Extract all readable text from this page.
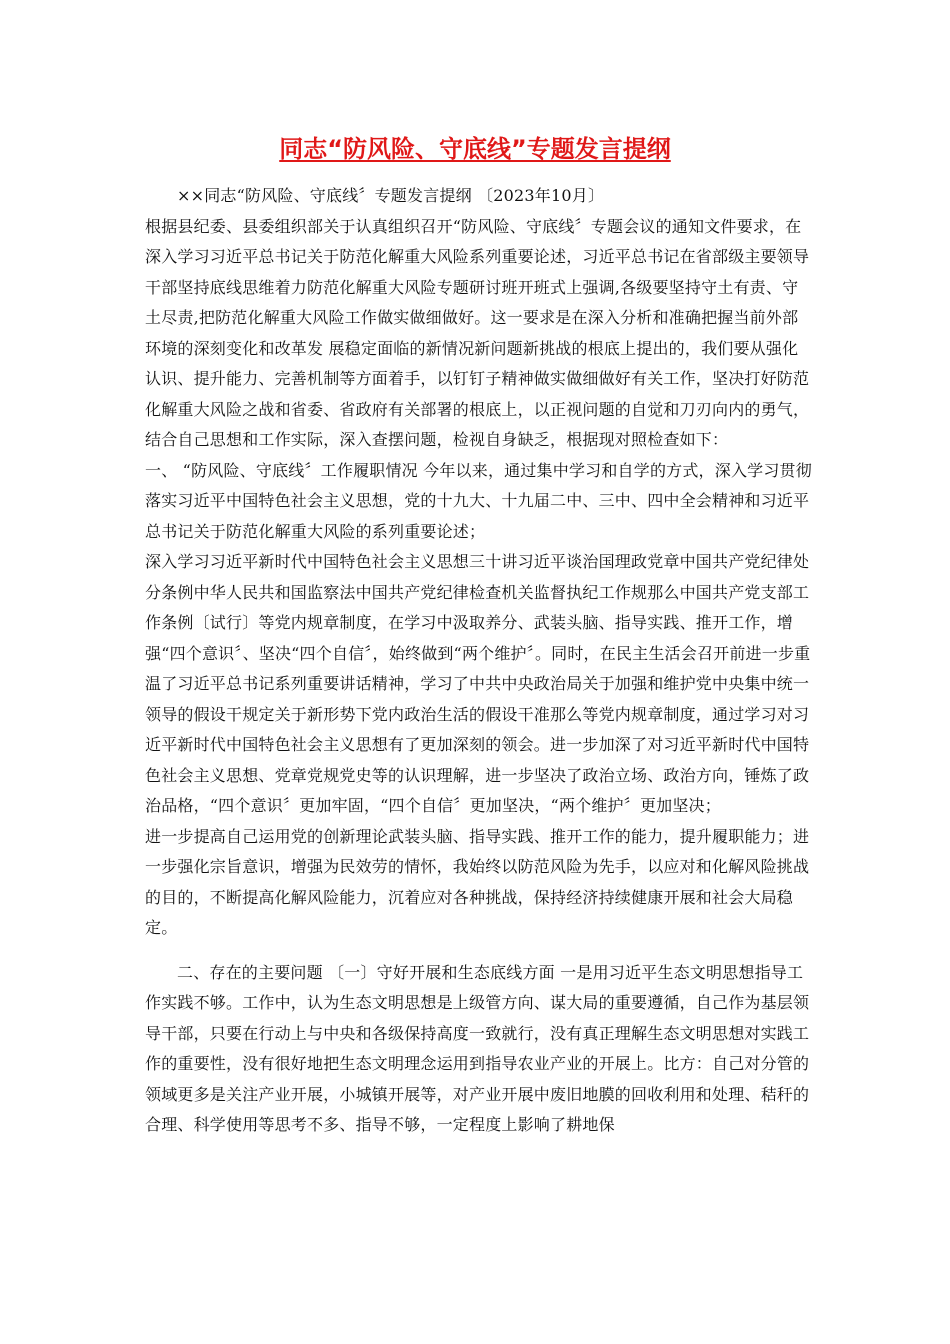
同志“防风险、守底线”专题发言提纲

××同志“防风险、守底线〞专题发言提纲 〔2023年10月〕

根据县纪委、县委组织部关于认真组织召开“防风险、守底线〞专题会议的通知文件要求，在深入学习习近平总书记关于防范化解重大风险系列重要论述，习近平总书记在省部级主要领导干部坚持底线思维着力防范化解重大风险专题研讨班开班式上强调,各级要坚持守土有责、守土尽责,把防范化解重大风险工作做实做细做好。这一要求是在深入分析和准确把握当前外部环境的深刻变化和改革发 展稳定面临的新情况新问题新挑战的根底上提出的，我们要从强化认识、提升能力、完善机制等方面着手，以钉钉子精神做实做细做好有关工作，坚决打好防范化解重大风险之战和省委、省政府有关部署的根底上，以正视问题的自觉和刀刃向内的勇气，结合自己思想和工作实际，深入查摆问题，检视自身缺乏，根据现对照检查如下：

一、 “防风险、守底线〞工作履职情况 今年以来，通过集中学习和自学的方式，深入学习贯彻落实习近平中国特色社会主义思想，党的十九大、十九届二中、三中、四中全会精神和习近平总书记关于防范化解重大风险的系列重要论述；

深入学习习近平新时代中国特色社会主义思想三十讲习近平谈治国理政党章中国共产党纪律处分条例中华人民共和国监察法中国共产党纪律检查机关监督执纪工作规那么中国共产党支部工作条例〔试行〕等党内规章制度，在学习中汲取养分、武装头脑、指导实践、推开工作，增强“四个意识〞、坚决“四个自信〞，始终做到“两个维护〞。同时，在民主生活会召开前进一步重温了习近平总书记系列重要讲话精神，学习了中共中央政治局关于加强和维护党中央集中统一领导的假设干规定关于新形势下党内政治生活的假设干准那么等党内规章制度，通过学习对习近平新时代中国特色社会主义思想有了更加深刻的领会。进一步加深了对习近平新时代中国特色社会主义思想、党章党规党史等的认识理解，进一步坚决了政治立场、政治方向，锤炼了政治品格，“四个意识〞更加牢固，“四个自信〞更加坚决，“两个维护〞更加坚决；

进一步提高自己运用党的创新理论武装头脑、指导实践、推开工作的能力，提升履职能力；进一步强化宗旨意识，增强为民效劳的情怀，我始终以防范风险为先手，以应对和化解风险挑战的目的，不断提高化解风险能力，沉着应对各种挑战，保持经济持续健康开展和社会大局稳定。

二、存在的主要问题 〔一〕守好开展和生态底线方面 一是用习近平生态文明思想指导工作实践不够。工作中，认为生态文明思想是上级管方向、谋大局的重要遵循，自己作为基层领导干部，只要在行动上与中央和各级保持高度一致就行，没有真正理解生态文明思想对实践工作的重要性，没有很好地把生态文明理念运用到指导农业产业的开展上。比方：自己对分管的领域更多是关注产业开展，小城镇开展等，对产业开展中废旧地膜的回收利用和处理、秸秆的合理、科学使用等思考不多、指导不够，一定程度上影响了耕地保
